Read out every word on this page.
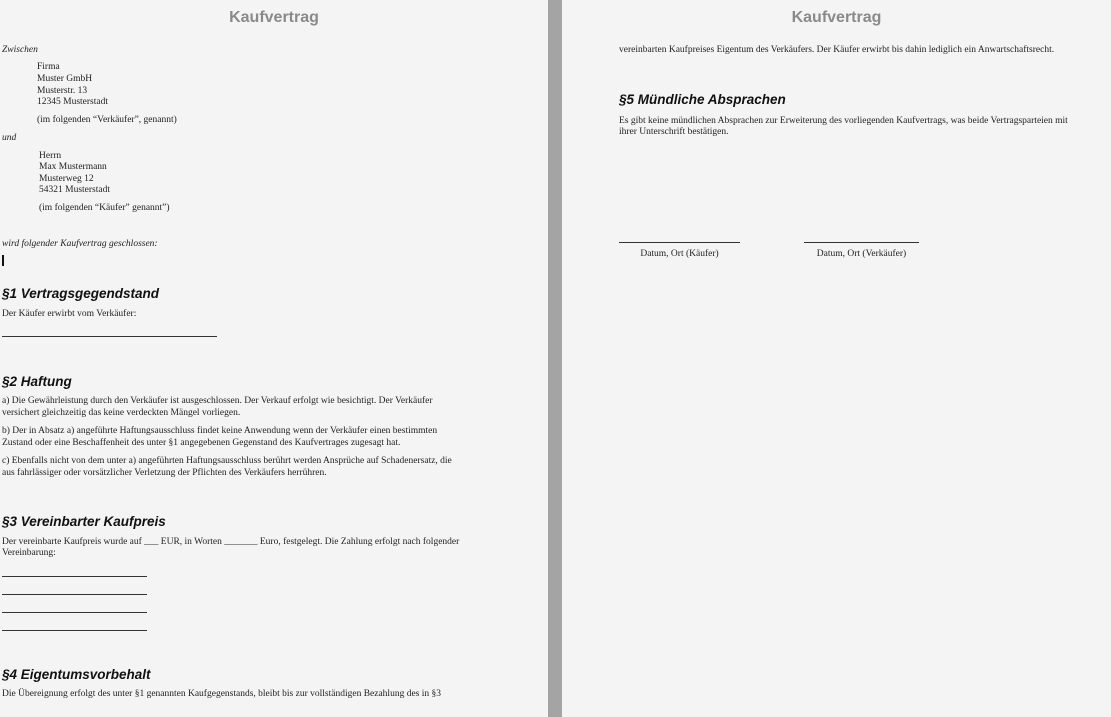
Kaufvertrag
Zwischen
Firma
Muster GmbH
Musterstr. 13
12345 Musterstadt
(im folgenden “Verkäufer”, genannt)
und
Herrn
Max Mustermann
Musterweg 12
54321 Musterstadt
(im folgenden “Käufer” genannt”)
wird folgender Kaufvertrag geschlossen:
§1 Vertragsgegendstand
Der Käufer erwirbt vom Verkäufer:
§2 Haftung
a) Die Gewährleistung durch den Verkäufer ist ausgeschlossen. Der Verkauf erfolgt wie besichtigt. Der Verkäufer
versichert gleichzeitig das keine verdeckten Mängel vorliegen.
b) Der in Absatz a) angeführte Haftungsausschluss findet keine Anwendung wenn der Verkäufer einen bestimmten
Zustand oder eine Beschaffenheit des unter §1 angegebenen Gegenstand des Kaufvertrages zugesagt hat.
c) Ebenfalls nicht von dem unter a) angeführten Haftungsausschluss berührt werden Ansprüche auf Schadenersatz, die
aus fahrlässiger oder vorsätzlicher Verletzung der Pflichten des Verkäufers herrühren.
§3 Vereinbarter Kaufpreis
Der vereinbarte Kaufpreis wurde auf ___ EUR, in Worten _______ Euro, festgelegt. Die Zahlung erfolgt nach folgender
Vereinbarung:
§4 Eigentumsvorbehalt
Die Übereignung erfolgt des unter §1 genannten Kaufgegenstands, bleibt bis zur vollständigen Bezahlung des in §3
Kaufvertrag
vereinbarten Kaufpreises Eigentum des Verkäufers. Der Käufer erwirbt bis dahin lediglich ein Anwartschaftsrecht.
§5 Mündliche Absprachen
Es gibt keine mündlichen Absprachen zur Erweiterung des vorliegenden Kaufvertrags, was beide Vertragsparteien mit
ihrer Unterschrift bestätigen.
Datum, Ort (Käufer)	Datum, Ort (Verkäufer)
